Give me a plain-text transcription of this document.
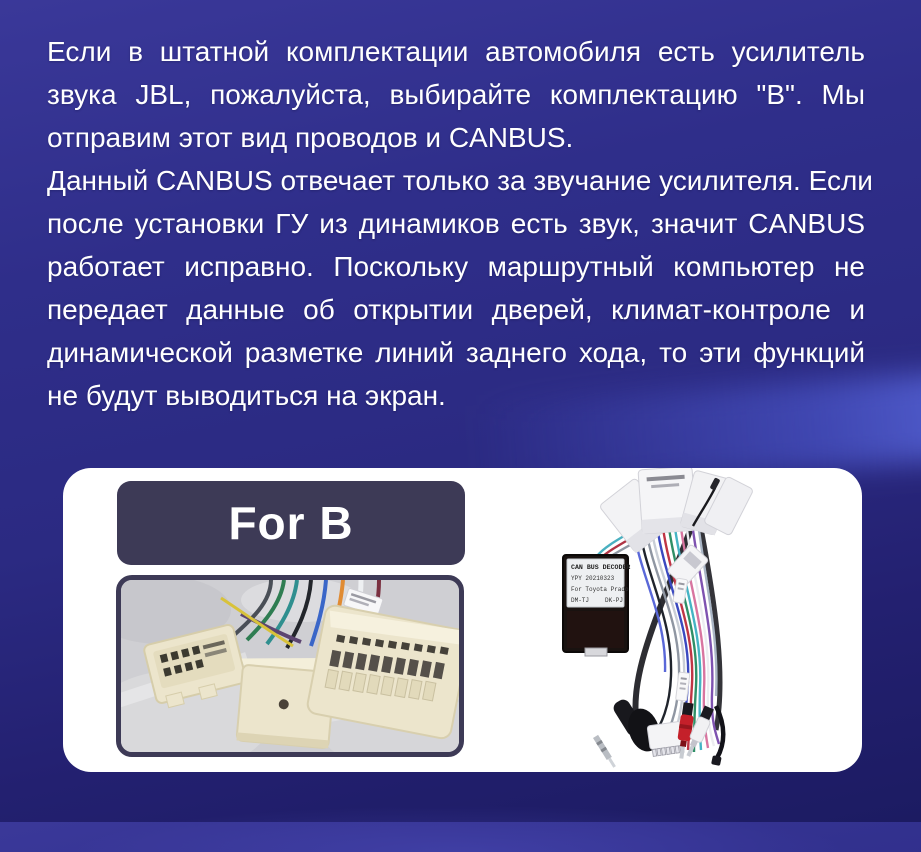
Если в штатной комплектации автомобиля есть усилитель
звука JBL, пожалуйста, выбирайте комплектацию "B". Мы
отправим этот вид проводов и CANBUS.
Данный CANBUS отвечает только за звучание усилителя. Если
после установки ГУ из динамиков есть звук, значит CANBUS
работает исправно. Поскольку маршрутный компьютер не
передает данные об открытии дверей, климат-контроле и
динамической разметке линий заднего хода, то эти функций
не будут выводиться на экран.
For B
CAN BUS DECODER
YPY 20210323
For Toyota Prado
DM-TJ	DK-PJ
